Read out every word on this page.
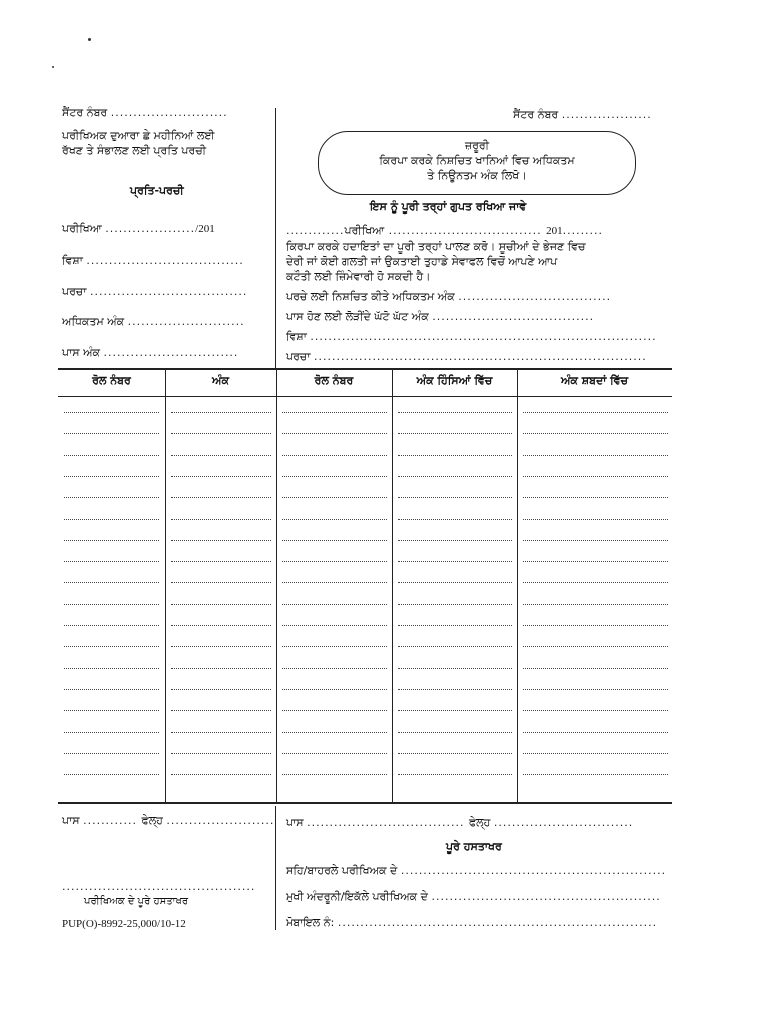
ਸੈਂਟਰ ਨੰਬਰ ..........................
ਪਰੀਖਿਅਕ ਦੁਆਰਾ ਛੇ ਮਹੀਨਿਆਂ ਲਈ
ਰੱਖਣ ਤੇ ਸੰਭਾਲਣ ਲਈ ਪ੍ਰਤਿ ਪਰਚੀ
ਪ੍ਰਤਿ-ਪਰਚੀ
ਪਰੀਖਿਆ ..................../201
ਵਿਸ਼ਾ ...................................
ਪਰਚਾ ...................................
ਅਧਿਕਤਮ ਅੰਕ ..........................
ਪਾਸ ਅੰਕ ..............................
ਸੈਂਟਰ ਨੰਬਰ ....................
ਜ਼ਰੂਰੀ
ਕਿਰਪਾ ਕਰਕੇ ਨਿਸ਼ਚਿਤ ਖਾਨਿਆਂ ਵਿਚ ਅਧਿਕਤਮ
ਤੇ ਨਿਊਨਤਮ ਅੰਕ ਲਿਖੋ।
ਇਸ ਨੂੰ ਪੂਰੀ ਤਰ੍ਹਾਂ ਗੁਪਤ ਰਖਿਆ ਜਾਵੇ
.............ਪਰੀਖਿਆ .................................. 201.........
ਕਿਰਪਾ ਕਰਕੇ ਹਦਾਇਤਾਂ ਦਾ ਪੂਰੀ ਤਰ੍ਹਾਂ ਪਾਲਣ ਕਰੋ। ਸੂਚੀਆਂ ਦੇ ਭੇਜਣ ਵਿਚ
ਦੇਰੀ ਜਾਂ ਕੋਈ ਗਲਤੀ ਜਾਂ ਉਕਤਾਈ ਤੁਹਾਡੇ ਸੇਵਾਫਲ ਵਿਚੋਂ ਆਪਣੇ ਆਪ
ਕਟੌਤੀ ਲਈ ਜ਼ਿੰਮੇਵਾਰੀ ਹੋ ਸਕਦੀ ਹੈ।
ਪਰਚੇ ਲਈ ਨਿਸ਼ਚਿਤ ਕੀਤੇ ਅਧਿਕਤਮ ਅੰਕ ..................................
ਪਾਸ ਹੋਣ ਲਈ ਲੋੜੀਂਦੇ ਘੱਟੋ ਘੱਟ ਅੰਕ ....................................
ਵਿਸ਼ਾ .............................................................................
ਪਰਚਾ ..........................................................................
ਰੋਲ ਨੰਬਰ	ਅੰਕ	ਰੋਲ ਨੰਬਰ	ਅੰਕ ਹਿੰਸਿਆਂ ਵਿੱਚ	ਅੰਕ ਸ਼ਬਦਾਂ ਵਿੱਚ
ਪਾਸ ............ ਫੇਲ੍ਹ ........................ ਪਾਸ ................................... ਫੇਲ੍ਹ ...............................
ਪੂਰੇ ਹਸਤਾਖਰ
ਸਹਿ/ਬਾਹਰਲੇ ਪਰੀਖਿਅਕ ਦੇ ...........................................................
ਮੁਖੀ ਅੰਦਰੂਨੀ/ਇਕੱਲੇ ਪਰੀਖਿਅਕ ਦੇ ...................................................
ਮੋਬਾਇਲ ਨੰ: .......................................................................
...........................................
ਪਰੀਖਿਅਕ ਦੇ ਪੂਰੇ ਹਸਤਾਖਰ
PUP(O)-8992-25,000/10-12
